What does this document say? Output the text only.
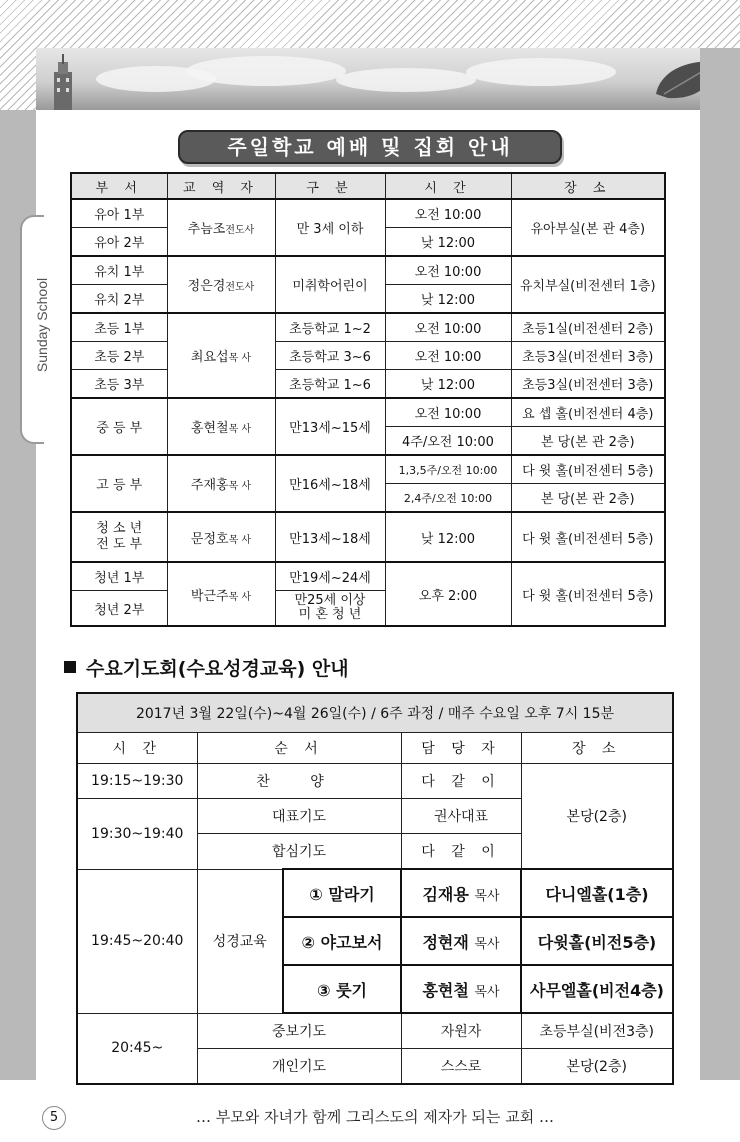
Sunday School
주일학교 예배 및 집회 안내
부 서	교 역 자	구 분	시 간	장 소
유아 1부	추늠조전도사	만 3세 이하	오전 10:00	유아부실(본 관 4층)
유아 2부			낮 12:00	
유치 1부	정은경전도사	미취학어린이	오전 10:00	유치부실(비전센터 1층)
유치 2부			낮 12:00	
초등 1부	최요섭목 사	초등학교 1~2	오전 10:00	초등1실(비전센터 2층)
초등 2부		초등학교 3~6	오전 10:00	초등3실(비전센터 3층)
초등 3부		초등학교 1~6	낮 12:00	초등3실(비전센터 3층)
중 등 부	홍현철목 사	만13세~15세	오전 10:00	요 셉 홀(비전센터 4층)
			4주/오전 10:00	본 당(본 관 2층)
고 등 부	주재홍목 사	만16세~18세	1,3,5주/오전 10:00	다 윗 홀(비전센터 5층)
			2,4주/오전 10:00	본 당(본 관 2층)
청 소 년
전 도 부	문정호목 사	만13세~18세	낮 12:00	다 윗 홀(비전센터 5층)
청년 1부	박근주목 사	만19세~24세	오후 2:00	다 윗 홀(비전센터 5층)
청년 2부		만25세 이상
미 혼 청 년		
수요기도회(수요성경교육) 안내
2017년 3월 22일(수)~4월 26일(수) / 6주 과정 / 매주 수요일 오후 7시 15분				
시 간	순 서		담 당 자	장 소
19:15~19:30	찬 양		다 같 이	본당(2층)
19:30~19:40	대표기도		권사대표	
	합심기도		다 같 이	
19:45~20:40	성경교육	① 말라기	김재용 목사	다니엘홀(1층)
		② 야고보서	정현재 목사	다윗홀(비전5층)
		③ 룻기	홍현철 목사	사무엘홀(비전4층)
20:45~	중보기도		자원자	초등부실(비전3층)
	개인기도		스스로	본당(2층)
5	… 부모와 자녀가 함께 그리스도의 제자가 되는 교회 …
